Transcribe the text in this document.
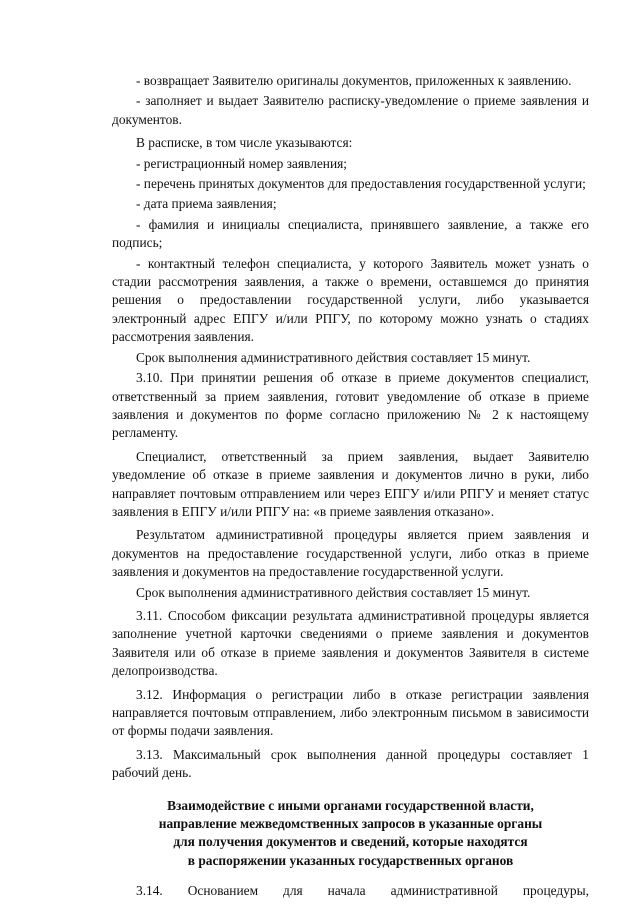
- возвращает Заявителю оригиналы документов, приложенных к заявлению.

- заполняет и выдает Заявителю расписку-уведомление о приеме заявления и документов.

В расписке, в том числе указываются:

- регистрационный номер заявления;

- перечень принятых документов для предоставления государственной услуги;

- дата приема заявления;

- фамилия и инициалы специалиста, принявшего заявление, а также его подпись;

- контактный телефон специалиста, у которого Заявитель может узнать о стадии рассмотрения заявления, а также о времени, оставшемся до принятия решения о предоставлении государственной услуги, либо указывается электронный адрес ЕПГУ и/или РПГУ, по которому можно узнать о стадиях рассмотрения заявления.

Срок выполнения административного действия составляет 15 минут.

3.10. При принятии решения об отказе в приеме документов специалист, ответственный за прием заявления, готовит уведомление об отказе в приеме заявления и документов по форме согласно приложению № 2 к настоящему регламенту.

Специалист, ответственный за прием заявления, выдает Заявителю уведомление об отказе в приеме заявления и документов лично в руки, либо направляет почтовым отправлением или через ЕПГУ и/или РПГУ и меняет статус заявления в ЕПГУ и/или РПГУ на: «в приеме заявления отказано».

Результатом административной процедуры является прием заявления и документов на предоставление государственной услуги, либо отказ в приеме заявления и документов на предоставление государственной услуги.

Срок выполнения административного действия составляет 15 минут.

3.11. Способом фиксации результата административной процедуры является заполнение учетной карточки сведениями о приеме заявления и документов Заявителя или об отказе в приеме заявления и документов Заявителя в системе делопроизводства.

3.12. Информация о регистрации либо в отказе регистрации заявления направляется почтовым отправлением, либо электронным письмом в зависимости от формы подачи заявления.

3.13. Максимальный срок выполнения данной процедуры составляет 1 рабочий день.

Взаимодействие с иными органами государственной власти,
направление межведомственных запросов в указанные органы
для получения документов и сведений, которые находятся
в распоряжении указанных государственных органов
3.14. Основанием для начала административной процедуры,
